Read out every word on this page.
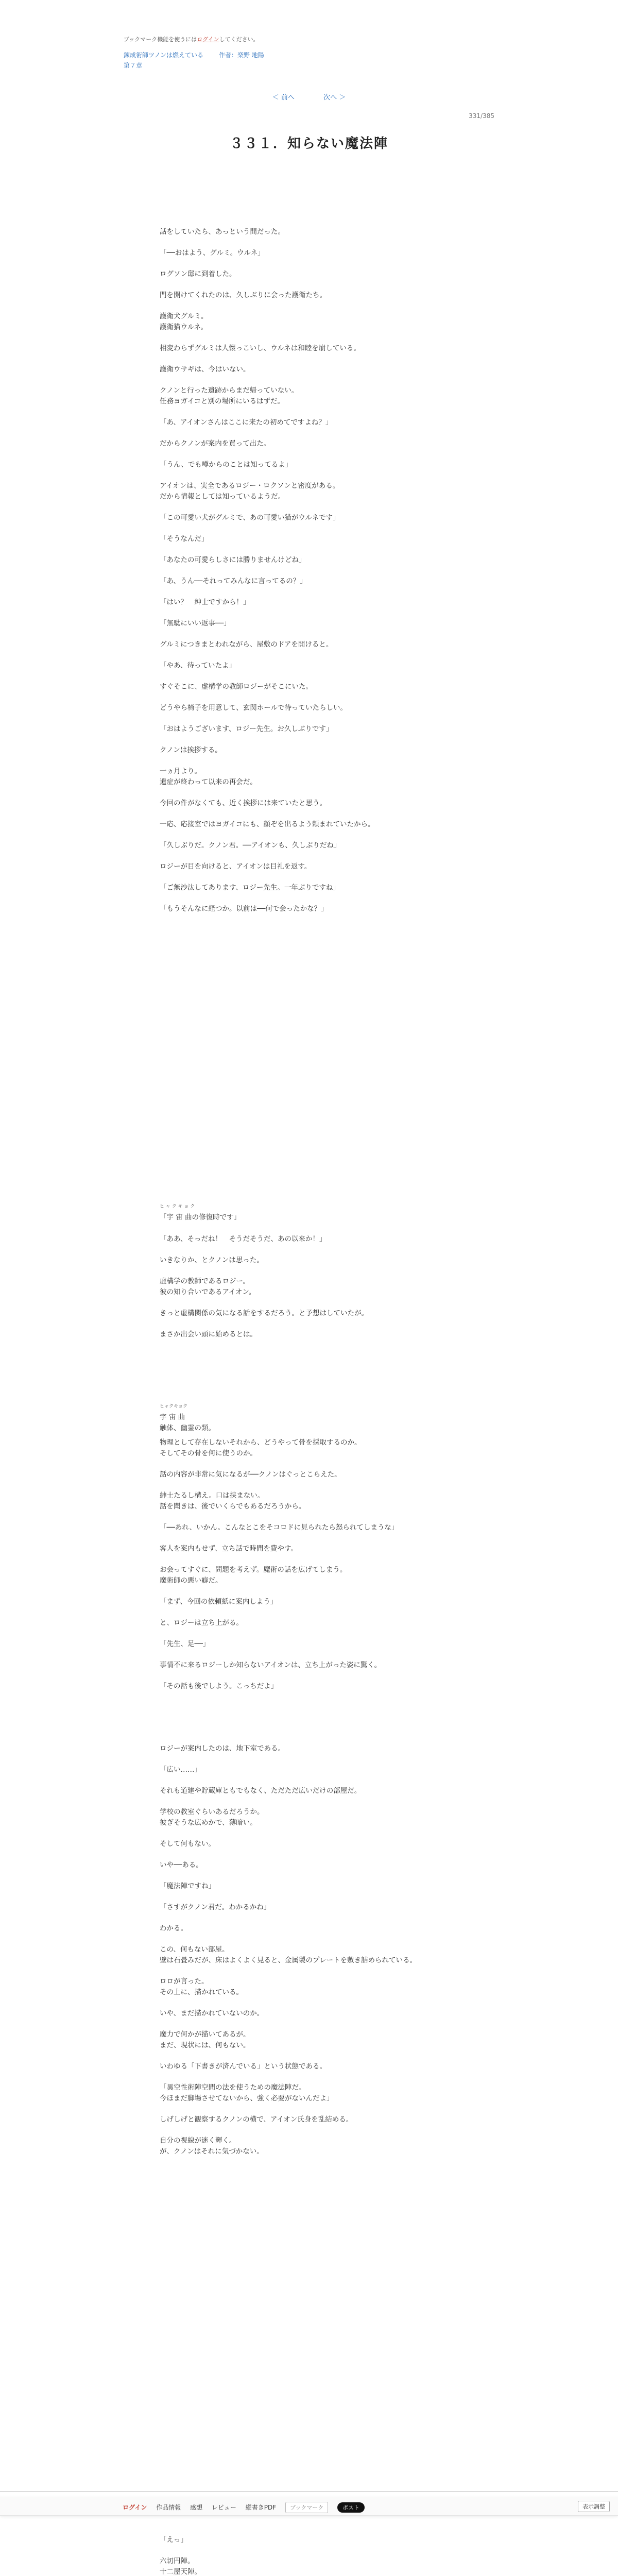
ブックマーク機能を使うにはログインしてください。
錬成術師ツノンは燃えている 作者：楽野 地陽
第７章
＜ 前へ	次へ ＞
331/385
３３１．知らない魔法陣

話をしていたら、あっという間だった。

「──おはよう、グルミ。ウルネ」

ログソン邸に到着した。

門を開けてくれたのは、久しぶりに会った護衛たち。

護衛犬グルミ。
護衛猫ウルネ。

相変わらずグルミは人懐っこいし、ウルネは和睦を崩している。

護衛ウサギは、今はいない。

クノンと行った遺跡からまだ帰っていない。
任務ヨガイコと別の場所にいるはずだ。

「あ、アイオンさんはここに来たの初めてですよね？」

だからクノンが案内を買って出た。

「うん、でも噂からのことは知ってるよ」

アイオンは、実全であるロジー・ロクソンと密度がある。
だから情報としては知っているようだ。

「この可愛い犬がグルミで、あの可愛い猫がウルネです」

「そうなんだ」

「あなたの可愛らしさには勝りませんけどね」

「あ、うん──それってみんなに言ってるの？」

「はい？　紳士ですから！」

「無駄にいい返事──」

グルミにつきまとわれながら、屋敷のドアを開けると。

「やあ、待っていたよ」

すぐそこに、虚構学の教師ロジーがそこにいた。

どうやら椅子を用意して、玄関ホールで待っていたらしい。

「おはようございます、ロジー先生。お久しぶりです」

クノンは挨拶する。

一ヵ月より。
遺症が終わって以来の再会だ。

今回の件がなくても、近く挨拶には来ていたと思う。

一応、応接室ではヨガイコにも、顔ぞを出るよう頼まれていたから。

「久しぶりだ。クノン君。──アイオンも、久しぶりだね」

ロジーが目を向けると、アイオンは目礼を返す。

「ご無沙汰してあります、ロジー先生。一年ぶりですね」

「もうそんなに経つか。以前は──何で会ったかな？」

ヒ ャ ク キ ョ ク

「宇 宙 曲の修復時です」

「ああ、そっだね！　そうだそうだ、あの以来か！」

いきなりか、とクノンは思った。

虚構学の教師であるロジー。
彼の知り合いであるアイオン。

きっと虚構関係の気になる話をするだろう。と予想はしていたが。

まさか出会い頭に始めるとは。

ヒャクキョク

宇 宙 曲
触体、幽霊の類。

物理として存在しないそれから、どうやって骨を採取するのか。
そしてその骨を何に使うのか。

話の内容が非常に気になるが──クノンはぐっとこらえた。

紳士たるし構え。口は挟まない。
話を聞きは、後でいくらでもあるだろうから。

「──あれ、いかん。こんなとこをそコロドに見られたら怒られてしまうな」

客人を案内もせず、立ち話で時間を費やす。

お会ってすぐに、問題を考えず。魔術の話を広げてしまう。
魔術師の悪い癖だ。

「まず、今回の依頼紙に案内しよう」

と、ロジーは立ち上がる。

「先生、足──」

事情不に来るロジーしか知らないアイオンは、立ち上がった姿に驚く。

「その話も後でしよう。こっちだよ」

ロジーが案内したのは、地下室である。

「広い……」

それも道建や貯蔵庫ともでもなく、ただただ広いだけの部屋だ。

学校の教室ぐらいあるだろうか。
彼ぎそうな広めかで、薄暗い。

そして何もない。

いや──ある。

「魔法陣ですね」

「さすがクノン君だ。わかるかね」

わかる。

この、何もない部屋。
壁は石畳みだが、床はよくよく見ると、金属製のプレートを敷き詰められている。

ロロが言った。
その上に、描かれている。

いや、まだ描かれていないのか。

魔力で何かが描いてあるが。
まだ、現状には、何もない。

いわゆる「下書きが済んでいる」という状態である。

「異空性術陣空間の法を使うための魔法陣だ。
今ほまだ脚場させてないから、強く必要がないんだよ」

しげしげと観察するクノンの横で、アイオン氏身を乱結める。

自分の視線が迷く輝く。
が、クノンはそれに気づかない。

「えっ」

六切円陣。
十二屋天陣。

ログイン 作品情報 感想 レビュー 縦書きPDF ブックマーク	ポスト	表示調整
